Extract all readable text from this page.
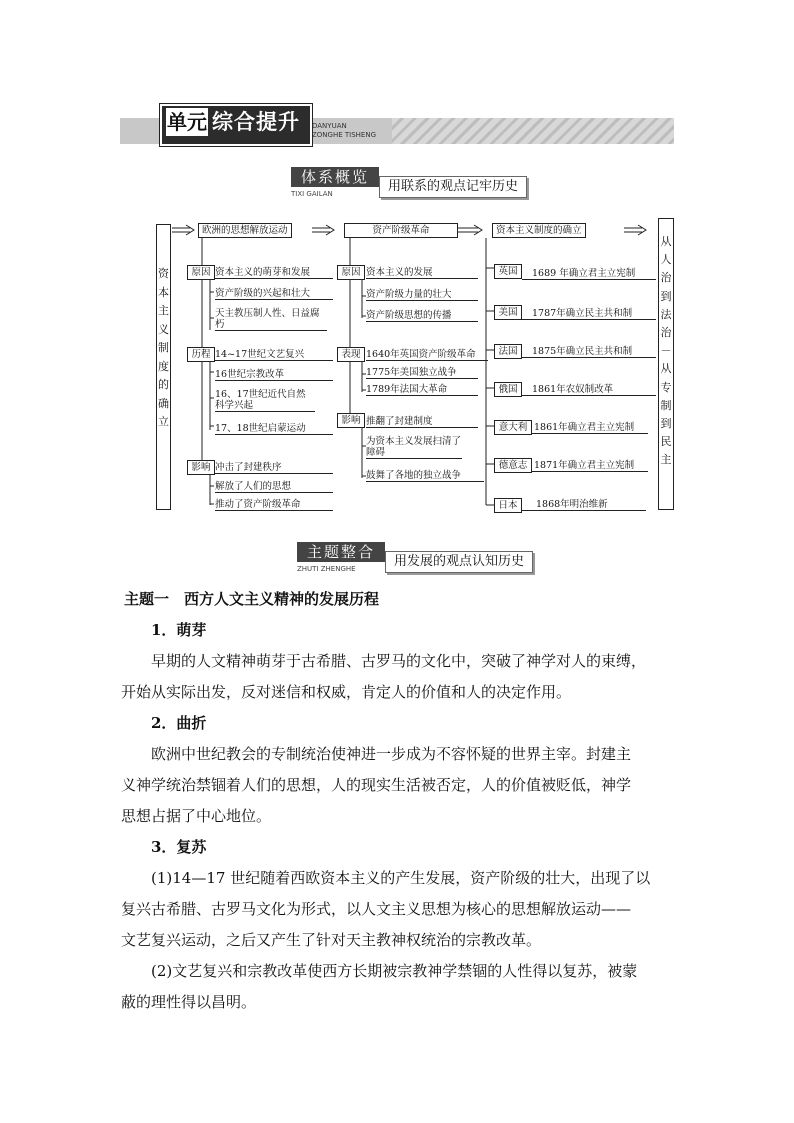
单元 综合提升 DANYUAN
ZONGHE TISHENG
体系概览
TIXI GAILAN	用联系的观点记牢历史
资本主义制度的确立
从人治到法治－从专制到民主
欧洲的思想解放运动
原因 资本主义的萌芽和发展
资产阶级的兴起和壮大
天主教压制人性、日益腐朽
历程 14~17世纪文艺复兴
16世纪宗教改革
16、17世纪近代自然科学兴起
17、18世纪启蒙运动
影响 冲击了封建秩序
解放了人们的思想
推动了资产阶级革命
资产阶级革命
原因 资本主义的发展
资产阶级力量的壮大
资产阶级思想的传播
表现 1640年英国资产阶级革命
1775年美国独立战争
1789年法国大革命
影响 推翻了封建制度
为资本主义发展扫清了障碍
鼓舞了各地的独立战争
资本主义制度的确立
英国	1689 年确立君主立宪制
美国	1787年确立民主共和制
法国	1875年确立民主共和制
俄国	1861年农奴制改革
意大利 1861年确立君主立宪制
德意志 1871年确立君主立宪制
日本	1868年明治维新
主题整合
ZHUTI ZHENGHE	用发展的观点认知历史
主题一　西方人文主义精神的发展历程
1．萌芽
早期的人文精神萌芽于古希腊、古罗马的文化中，突破了神学对人的束缚，
开始从实际出发，反对迷信和权威，肯定人的价值和人的决定作用。
2．曲折
欧洲中世纪教会的专制统治使神进一步成为不容怀疑的世界主宰。封建主
义神学统治禁锢着人们的思想，人的现实生活被否定，人的价值被贬低，神学
思想占据了中心地位。
3．复苏
(1)14—17 世纪随着西欧资本主义的产生发展，资产阶级的壮大，出现了以
复兴古希腊、古罗马文化为形式，以人文主义思想为核心的思想解放运动——
文艺复兴运动，之后又产生了针对天主教神权统治的宗教改革。
(2)文艺复兴和宗教改革使西方长期被宗教神学禁锢的人性得以复苏，被蒙
蔽的理性得以昌明。
